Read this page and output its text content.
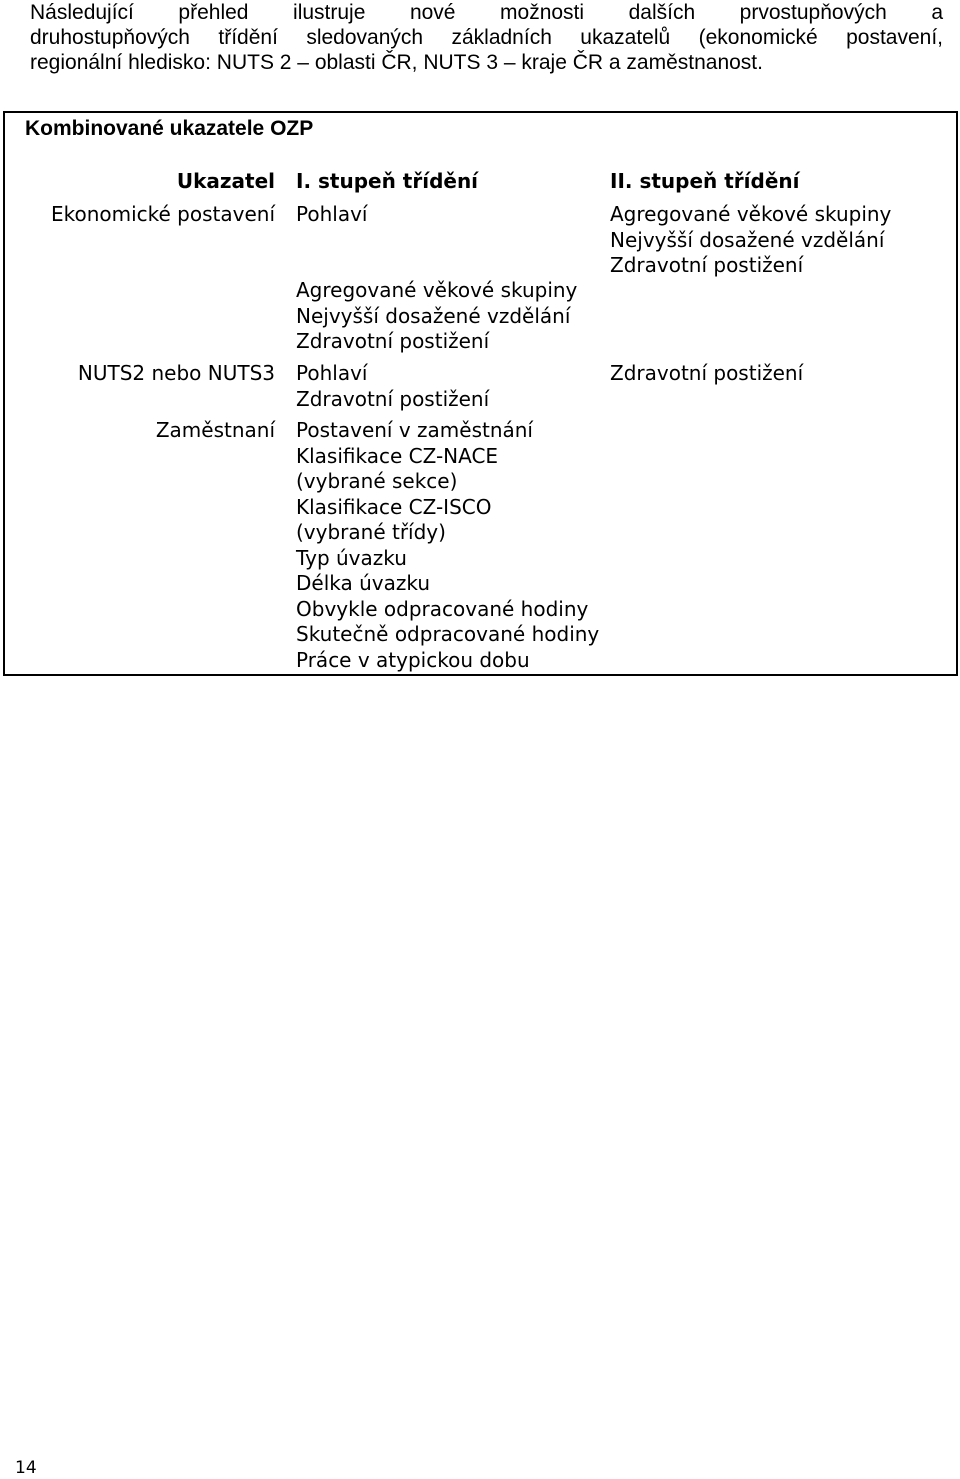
Následující přehled ilustruje nové možnosti dalších prvostupňových a
druhostupňových třídění sledovaných základních ukazatelů (ekonomické postavení,
regionální hledisko: NUTS 2 – oblasti ČR, NUTS 3 – kraje ČR a zaměstnanost.
Kombinované ukazatele OZP
Ukazatel I. stupeň třídění	II. stupeň třídění
Ekonomické postavení Pohlaví	Agregované věkové skupiny
Nejvyšší dosažené vzdělání
Zdravotní postižení
Agregované věkové skupiny
Nejvyšší dosažené vzdělání
Zdravotní postižení
NUTS2 nebo NUTS3 Pohlaví
Zdravotní postižení
Zdravotní postižení
Zaměstnaní Postavení v zaměstnání
Klasifikace CZ-NACE
(vybrané sekce)
Klasifikace CZ-ISCO
(vybrané třídy)
Typ úvazku
Délka úvazku
Obvykle odpracované hodiny
Skutečně odpracované hodiny
Práce v atypickou dobu
14
